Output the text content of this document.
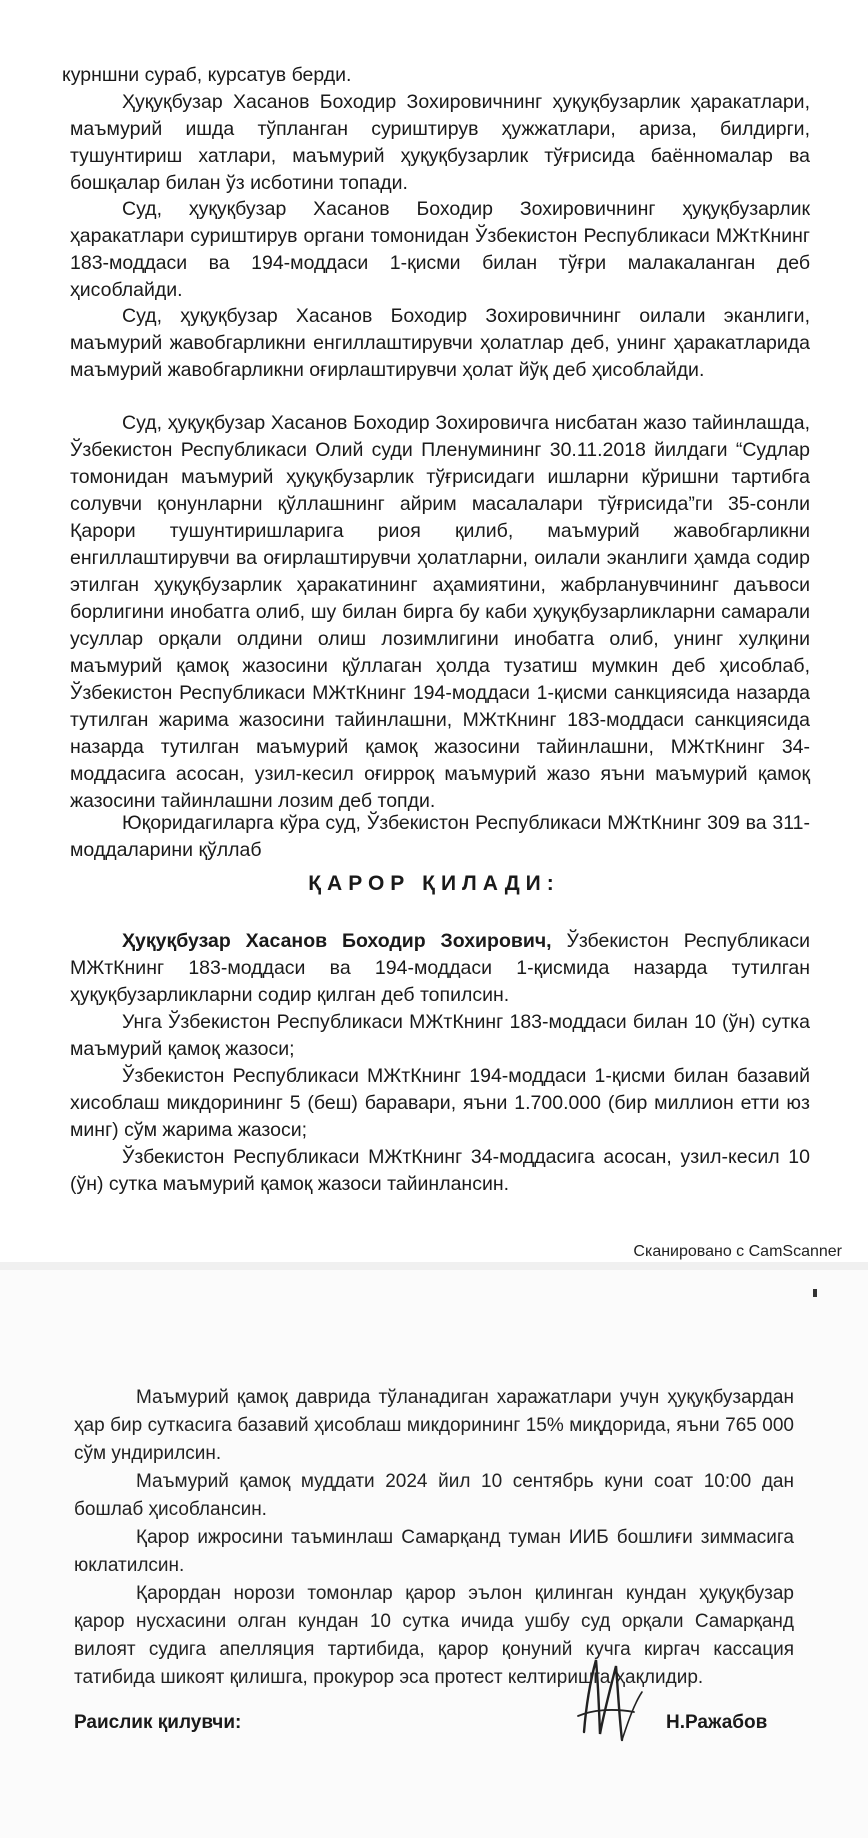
курншни сураб, курсатув берди.

Ҳуқуқбузар Хасанов Боходир Зохировичнинг ҳуқуқбузарлик ҳаракатлари, маъмурий ишда тўпланган суриштирув ҳужжатлари, ариза, билдирги, тушунтириш хатлари, маъмурий ҳуқуқбузарлик тўғрисида баённомалар ва бошқалар билан ўз исботини топади.

Суд, ҳуқуқбузар Хасанов Боходир Зохировичнинг ҳуқуқбузарлик ҳаракатлари суриштирув органи томонидан Ўзбекистон Республикаси МЖтКнинг 183-моддаси ва 194-моддаси 1-қисми билан тўғри малакаланган деб ҳисоблайди.

Суд, ҳуқуқбузар Хасанов Боходир Зохировичнинг оилали эканлиги, маъмурий жавобгарликни енгиллаштирувчи ҳолатлар деб, унинг ҳаракатларида маъмурий жавобгарликни оғирлаштирувчи ҳолат йўқ деб ҳисоблайди.

Суд, ҳуқуқбузар Хасанов Боходир Зохировичга нисбатан жазо тайинлашда, Ўзбекистон Республикаси Олий суди Пленумининг 30.11.2018 йилдаги “Судлар томонидан маъмурий ҳуқуқбузарлик тўғрисидаги ишларни кўришни тартибга солувчи қонунларни қўллашнинг айрим масалалари тўғрисида”ги 35-сонли Қарори тушунтиришларига риоя қилиб, маъмурий жавобгарликни енгиллаштирувчи ва оғирлаштирувчи ҳолатларни, оилали эканлиги ҳамда содир этилган ҳуқуқбузарлик ҳаракатининг аҳамиятини, жабрланувчининг даъвоси борлигини инобатга олиб, шу билан бирга бу каби ҳуқуқбузарликларни самарали усуллар орқали олдини олиш лозимлигини инобатга олиб, унинг хулқини маъмурий қамоқ жазосини қўллаган ҳолда тузатиш мумкин деб ҳисоблаб, Ўзбекистон Республикаси МЖтКнинг 194-моддаси 1-қисми санкциясида назарда тутилган жарима жазосини тайинлашни, МЖтКнинг 183-моддаси санкциясида назарда тутилган маъмурий қамоқ жазосини тайинлашни, МЖтКнинг 34-моддасига асосан, узил-кесил оғирроқ маъмурий жазо яъни маъмурий қамоқ жазосини тайинлашни лозим деб топди.

Юқоридагиларга кўра суд, Ўзбекистон Республикаси МЖтКнинг 309 ва 311-моддаларини қўллаб

ҚАРОР ҚИЛАДИ:

Ҳуқуқбузар Хасанов Боходир Зохирович, Ўзбекистон Республикаси МЖтКнинг 183-моддаси ва 194-моддаси 1-қисмида назарда тутилган ҳуқуқбузарликларни содир қилган деб топилсин.

Унга Ўзбекистон Республикаси МЖтКнинг 183-моддаси билан 10 (ўн) сутка маъмурий қамоқ жазоси;

Ўзбекистон Республикаси МЖтКнинг 194-моддаси 1-қисми билан базавий хисоблаш микдорининг 5 (беш) баравари, яъни 1.700.000 (бир миллион етти юз минг) сўм жарима жазоси;

Ўзбекистон Республикаси МЖтКнинг 34-моддасига асосан, узил-кесил 10 (ўн) сутка маъмурий қамоқ жазоси тайинлансин.

Сканировано с CamScanner

Маъмурий қамоқ даврида тўланадиган харажатлари учун ҳуқуқбузардан ҳар бир суткасига базавий ҳисоблаш микдорининг 15% миқдорида, яъни 765 000 сўм ундирилсин.

Маъмурий қамоқ муддати 2024 йил 10 сентябрь куни соат 10:00 дан бошлаб ҳисоблансин.

Қарор ижросини таъминлаш Самарқанд туман ИИБ бошлиғи зиммасига юклатилсин.

Қарордан норози томонлар қарор эълон қилинган кундан ҳуқуқбузар қарор нусхасини олган кундан 10 сутка ичида ушбу суд орқали Самарқанд вилоят судига апелляция тартибида, қарор қонуний кучга киргач кассация татибида шикоят қилишга, прокурор эса протест келтиришга ҳақлидир.

Раислик қилувчи:	Н.Ражабов
